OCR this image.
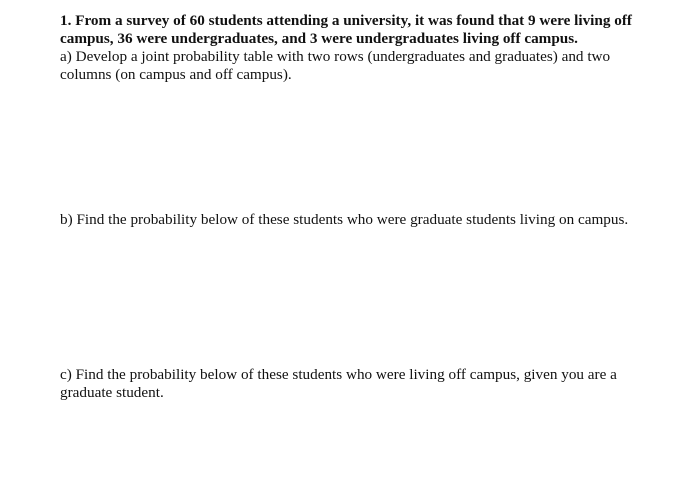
1. From a survey of 60 students attending a university, it was found that 9 were living off
campus, 36 were undergraduates, and 3 were undergraduates living off campus.
a) Develop a joint probability table with two rows (undergraduates and graduates) and two
columns (on campus and off campus).
b) Find the probability below of these students who were graduate students living on campus.
c) Find the probability below of these students who were living off campus, given you are a
graduate student.
